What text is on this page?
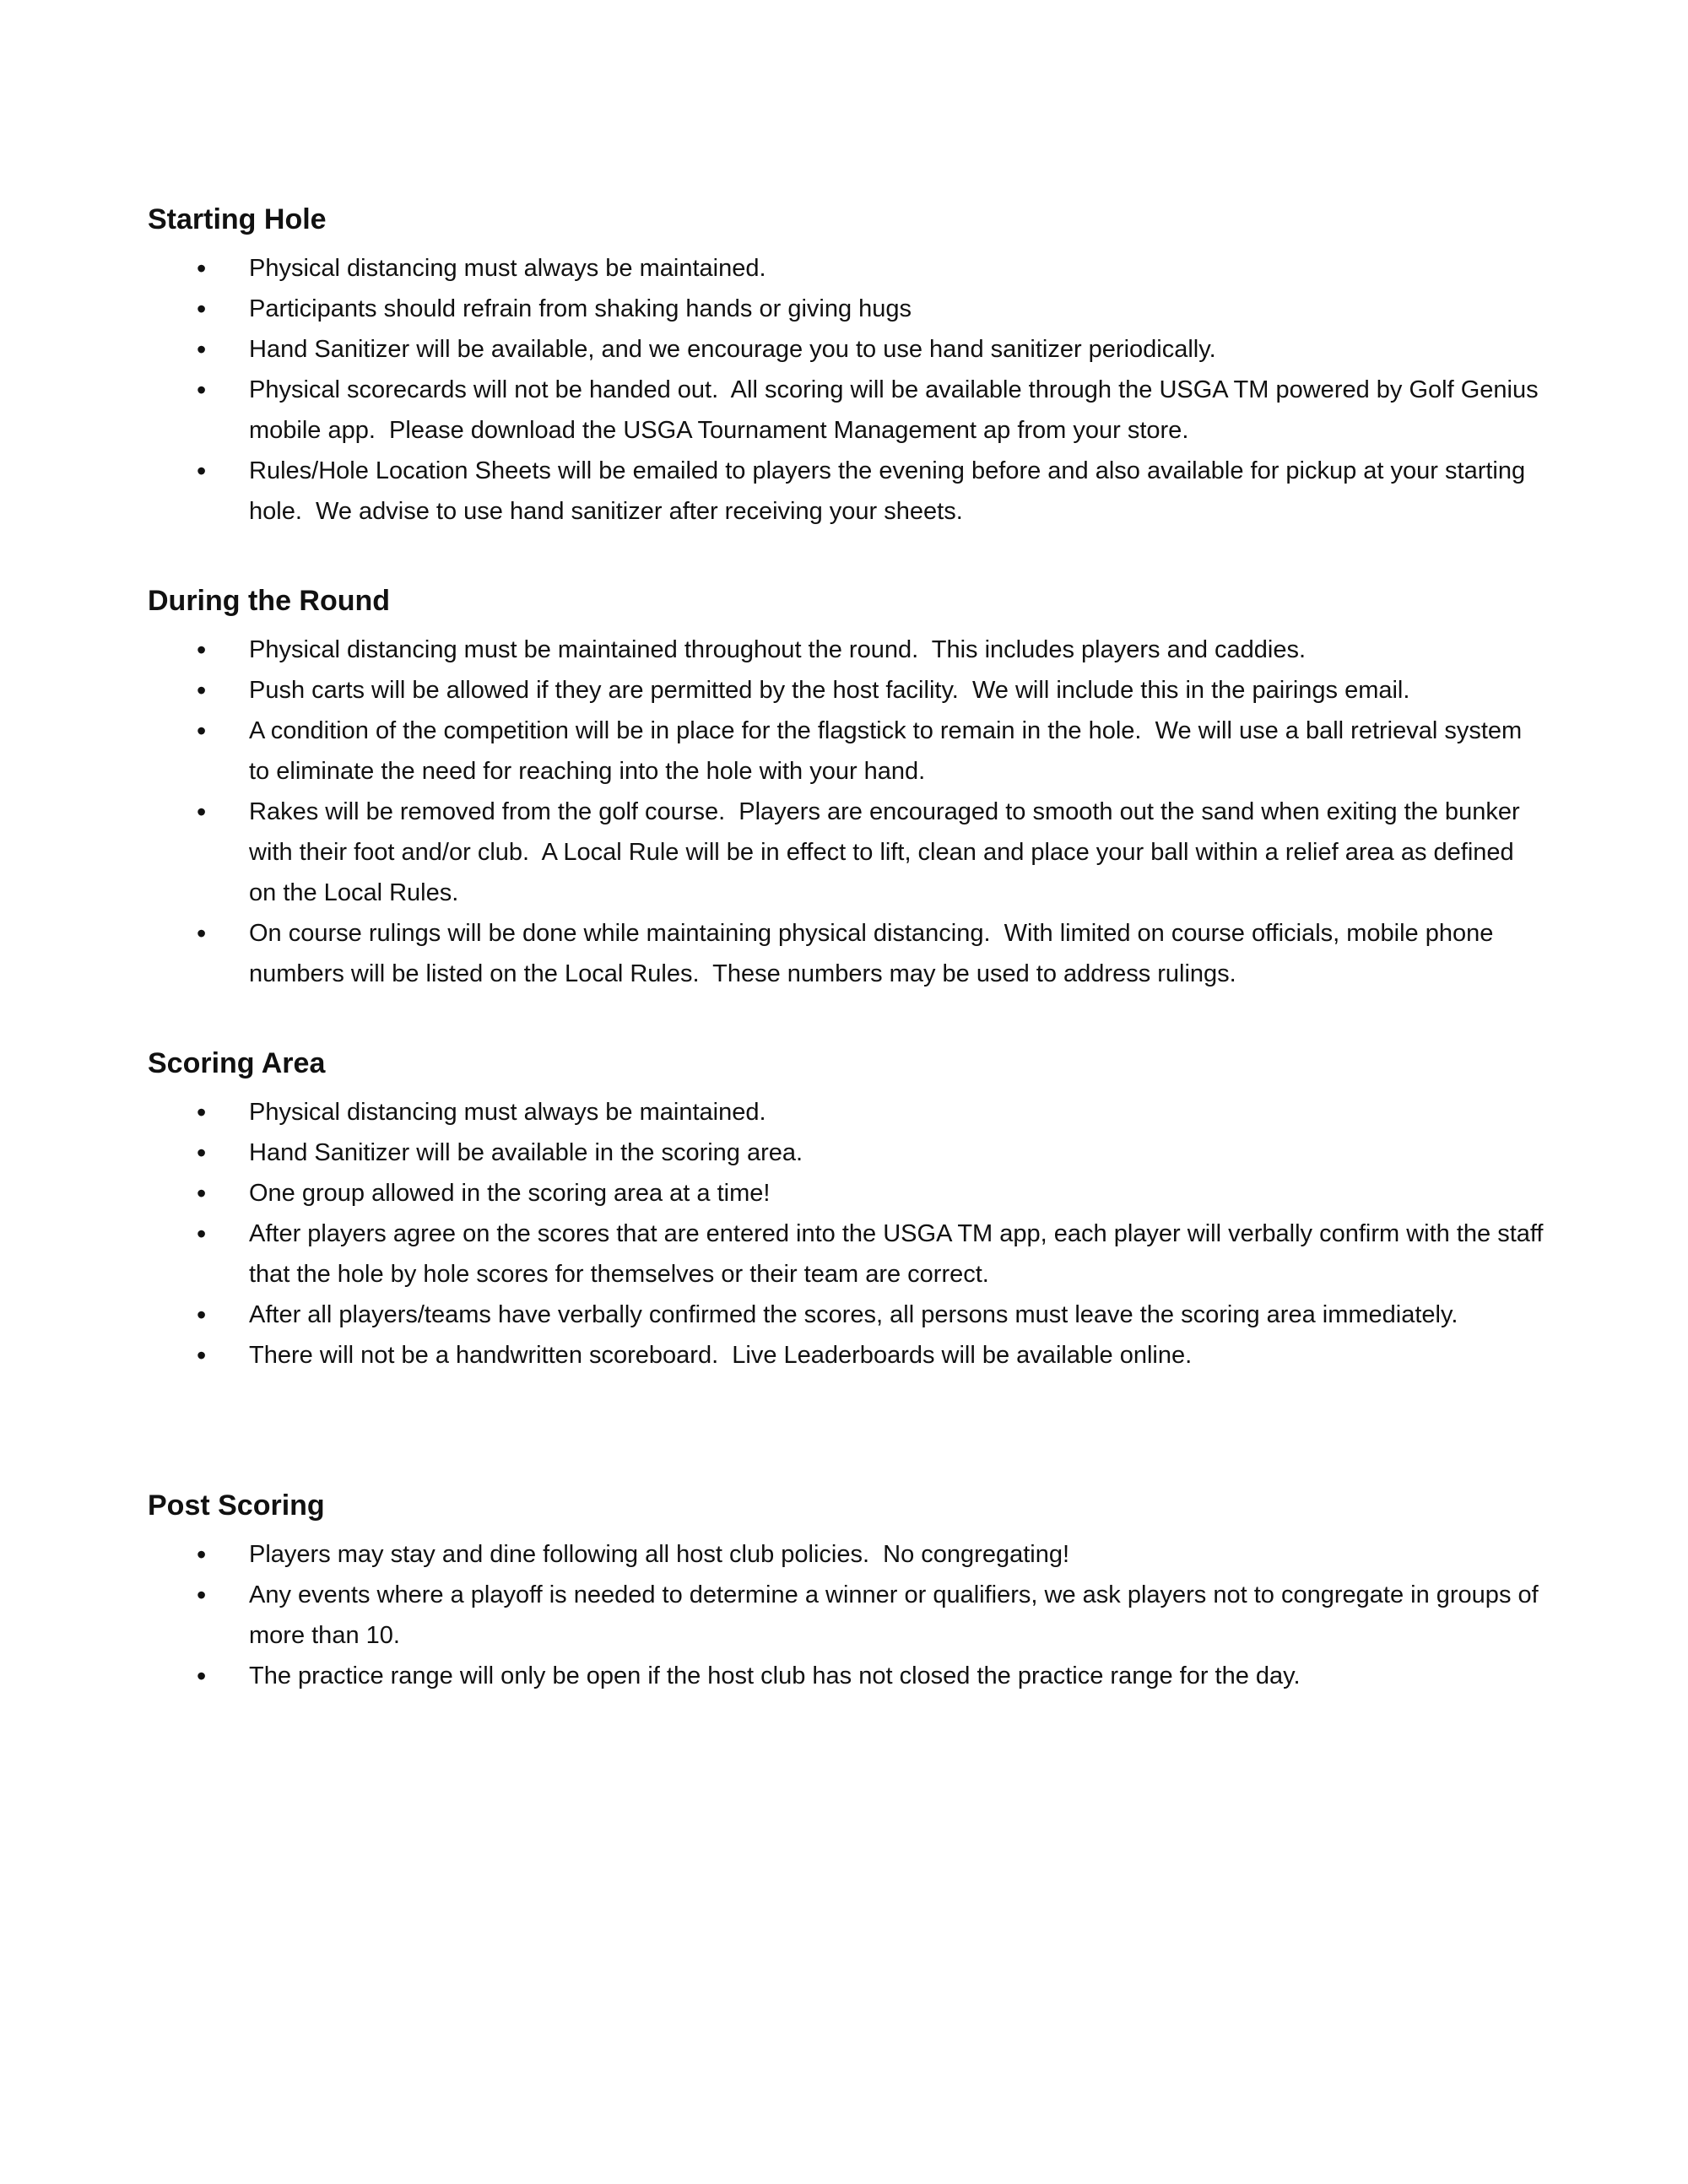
Starting Hole
• Physical distancing must always be maintained.
• Participants should refrain from shaking hands or giving hugs
• Hand Sanitizer will be available, and we encourage you to use hand sanitizer periodically.
• Physical scorecards will not be handed out.  All scoring will be available through the USGA TM powered by Golf Genius mobile app.  Please download the USGA Tournament Management ap from your store.
• Rules/Hole Location Sheets will be emailed to players the evening before and also available for pickup at your starting hole.  We advise to use hand sanitizer after receiving your sheets.
During the Round
• Physical distancing must be maintained throughout the round.  This includes players and caddies.
• Push carts will be allowed if they are permitted by the host facility.  We will include this in the pairings email.
• A condition of the competition will be in place for the flagstick to remain in the hole.  We will use a ball retrieval system to eliminate the need for reaching into the hole with your hand.
• Rakes will be removed from the golf course.  Players are encouraged to smooth out the sand when exiting the bunker with their foot and/or club.  A Local Rule will be in effect to lift, clean and place your ball within a relief area as defined on the Local Rules.
• On course rulings will be done while maintaining physical distancing.  With limited on course officials, mobile phone numbers will be listed on the Local Rules.  These numbers may be used to address rulings.
Scoring Area
• Physical distancing must always be maintained.
• Hand Sanitizer will be available in the scoring area.
• One group allowed in the scoring area at a time!
• After players agree on the scores that are entered into the USGA TM app, each player will verbally confirm with the staff that the hole by hole scores for themselves or their team are correct.
• After all players/teams have verbally confirmed the scores, all persons must leave the scoring area immediately.
• There will not be a handwritten scoreboard.  Live Leaderboards will be available online.
Post Scoring
• Players may stay and dine following all host club policies.  No congregating!
• Any events where a playoff is needed to determine a winner or qualifiers, we ask players not to congregate in groups of more than 10.
• The practice range will only be open if the host club has not closed the practice range for the day.
